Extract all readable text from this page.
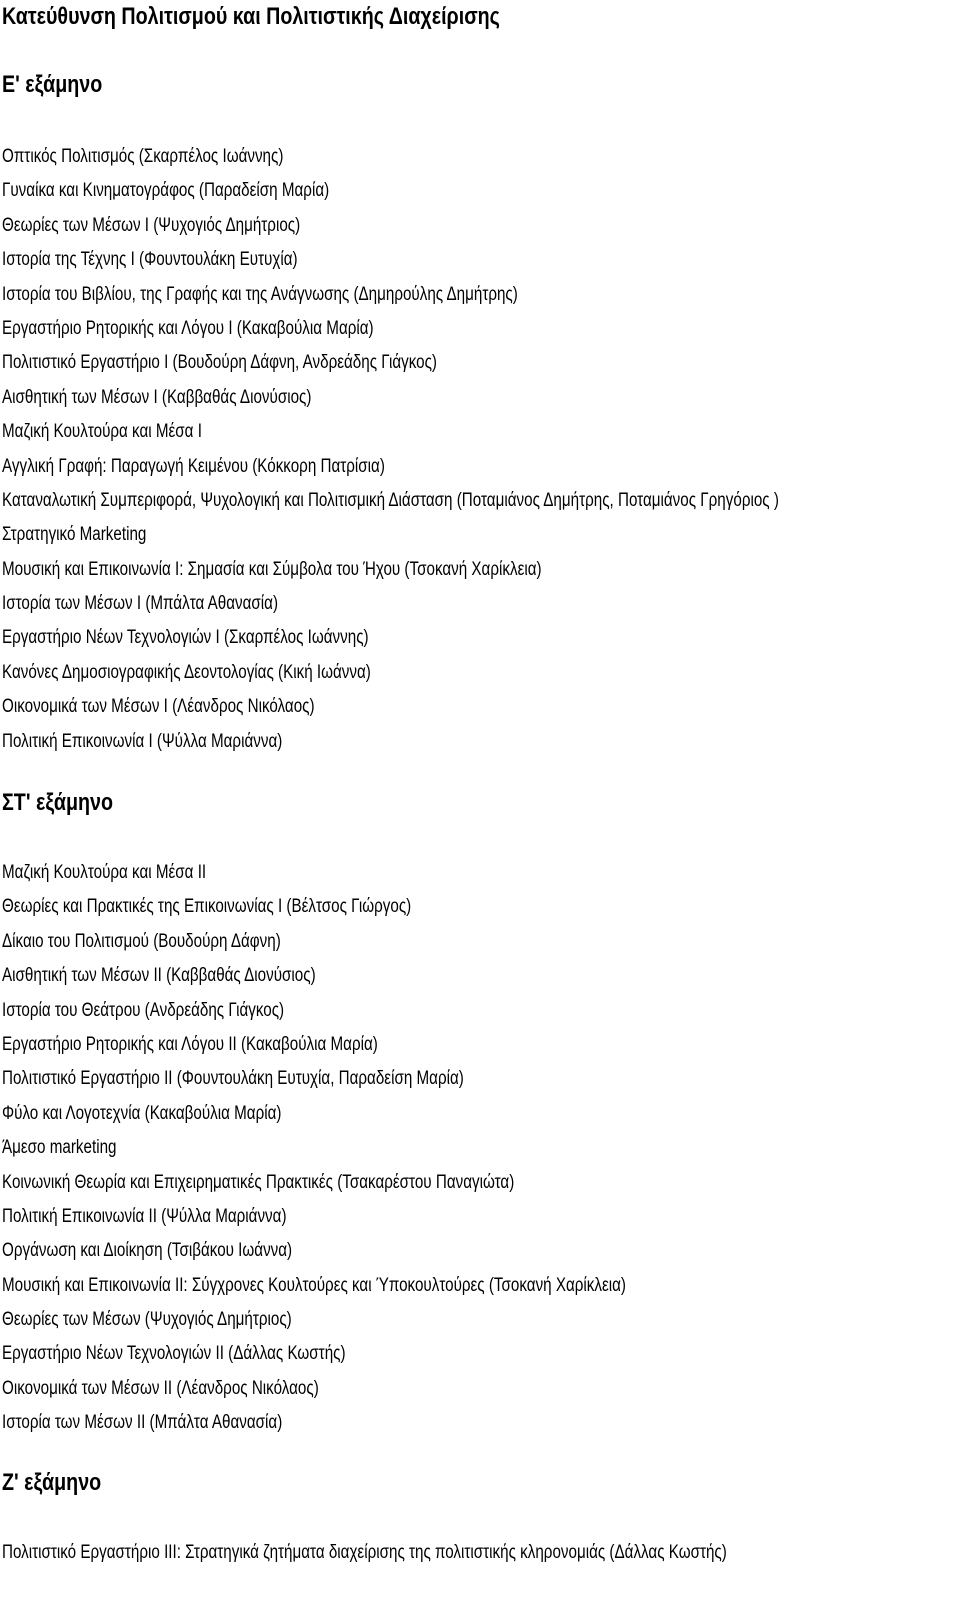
Κατεύθυνση Πολιτισμού και Πολιτιστικής Διαχείρισης
Ε' εξάμηνο
Οπτικός Πολιτισμός (Σκαρπέλος Ιωάννης)
Γυναίκα και Κινηματογράφος (Παραδείση Μαρία)
Θεωρίες των Μέσων Ι (Ψυχογιός Δημήτριος)
Ιστορία της Τέχνης Ι (Φουντουλάκη Ευτυχία)
Ιστορία του Βιβλίου, της Γραφής και της Ανάγνωσης (Δημηρούλης Δημήτρης)
Εργαστήριο Ρητορικής και Λόγου Ι (Κακαβούλια Μαρία)
Πολιτιστικό Εργαστήριο Ι (Βουδούρη Δάφνη, Ανδρεάδης Γιάγκος)
Αισθητική των Μέσων Ι (Καββαθάς Διονύσιος)
Μαζική Κουλτούρα και Μέσα Ι
Αγγλική Γραφή: Παραγωγή Κειμένου (Κόκκορη Πατρίσια)
Καταναλωτική Συμπεριφορά, Ψυχολογική και Πολιτισμική Διάσταση (Ποταμιάνος Δημήτρης, Ποταμιάνος Γρηγόριος )
Στρατηγικό Marketing
Μουσική και Επικοινωνία Ι: Σημασία και Σύμβολα του Ήχου (Τσοκανή Χαρίκλεια)
Ιστορία των Μέσων Ι (Μπάλτα Αθανασία)
Εργαστήριο Νέων Τεχνολογιών Ι (Σκαρπέλος Ιωάννης)
Κανόνες Δημοσιογραφικής Δεοντολογίας (Κική Ιωάννα)
Οικονομικά των Μέσων Ι (Λέανδρος Νικόλαος)
Πολιτική Επικοινωνία Ι (Ψύλλα Μαριάννα)
ΣΤ' εξάμηνο
Μαζική Κουλτούρα και Μέσα ΙΙ
Θεωρίες και Πρακτικές της Επικοινωνίας Ι (Βέλτσος Γιώργος)
Δίκαιο του Πολιτισμού (Βουδούρη Δάφνη)
Αισθητική των Μέσων ΙΙ (Καββαθάς Διονύσιος)
Ιστορία του Θεάτρου (Ανδρεάδης Γιάγκος)
Εργαστήριο Ρητορικής και Λόγου ΙΙ (Κακαβούλια Μαρία)
Πολιτιστικό Εργαστήριο ΙΙ (Φουντουλάκη Ευτυχία, Παραδείση Μαρία)
Φύλο και Λογοτεχνία (Κακαβούλια Μαρία)
Άμεσο marketing
Κοινωνική Θεωρία και Επιχειρηματικές Πρακτικές (Τσακαρέστου Παναγιώτα)
Πολιτική Επικοινωνία ΙΙ (Ψύλλα Μαριάννα)
Οργάνωση και Διοίκηση (Τσιβάκου Ιωάννα)
Μουσική και Επικοινωνία ΙΙ: Σύγχρονες Κουλτούρες και Ύποκουλτούρες (Τσοκανή Χαρίκλεια)
Θεωρίες των Μέσων (Ψυχογιός Δημήτριος)
Εργαστήριο Νέων Τεχνολογιών ΙΙ (Δάλλας Κωστής)
Οικονομικά των Μέσων ΙΙ (Λέανδρος Νικόλαος)
Ιστορία των Μέσων ΙΙ (Μπάλτα Αθανασία)
Ζ' εξάμηνο
Πολιτιστικό Εργαστήριο ΙΙΙ: Στρατηγικά ζητήματα διαχείρισης της πολιτιστικής κληρονομιάς (Δάλλας Κωστής)
